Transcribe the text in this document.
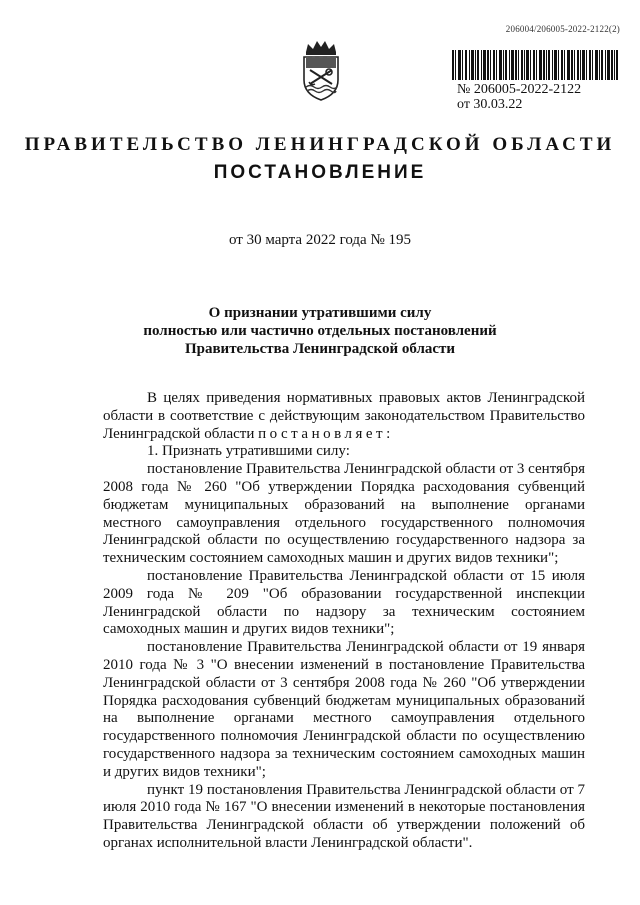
206004/206005-2022-2122(2)
№ 206005-2022-2122
от 30.03.22
ПРАВИТЕЛЬСТВО ЛЕНИНГРАДСКОЙ ОБЛАСТИ
ПОСТАНОВЛЕНИЕ
от 30 марта 2022 года № 195
О признании утратившими силу
полностью или частично отдельных постановлений
Правительства Ленинградской области

В целях приведения нормативных правовых актов Ленинградской области в соответствие с действующим законодательством Правительство Ленинградской области постановляет:

1. Признать утратившими силу:

постановление Правительства Ленинградской области от 3 сентября 2008 года № 260 "Об утверждении Порядка расходования субвенций бюджетам муниципальных образований на выполнение органами местного самоуправления отдельного государственного полномочия Ленинградской области по осуществлению государственного надзора за техническим состоянием самоходных машин и других видов техники";

постановление Правительства Ленинградской области от 15 июля 2009 года № 209 "Об образовании государственной инспекции Ленинградской области по надзору за техническим состоянием самоходных машин и других видов техники";

постановление Правительства Ленинградской области от 19 января 2010 года № 3 "О внесении изменений в постановление Правительства Ленинградской области от 3 сентября 2008 года № 260 "Об утверждении Порядка расходования субвенций бюджетам муниципальных образований на выполнение органами местного самоуправления отдельного государственного полномочия Ленинградской области по осуществлению государственного надзора за техническим состоянием самоходных машин и других видов техники";

пункт 19 постановления Правительства Ленинградской области от 7 июля 2010 года № 167 "О внесении изменений в некоторые постановления Правительства Ленинградской области об утверждении положений об органах исполнительной власти Ленинградской области".
